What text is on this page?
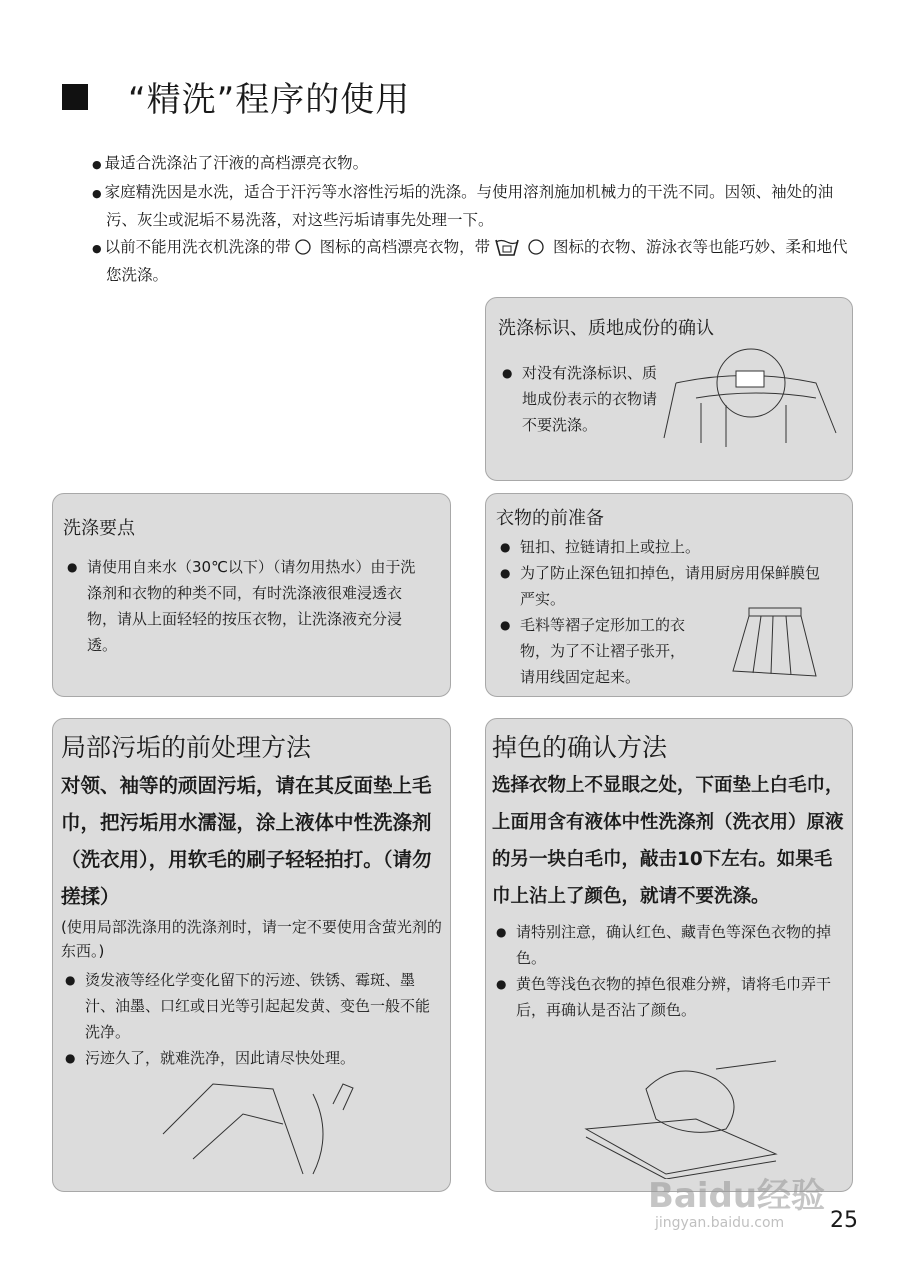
“精洗”程序的使用

● 最适合洗涤沾了汗液的高档漂亮衣物。

● 家庭精洗因是水洗，适合于汗污等水溶性污垢的洗涤。与使用溶剂施加机械力的干洗不同。因领、袖处的油污、灰尘或泥垢不易洗落，对这些污垢请事先处理一下。

● 以前不能用洗衣机洗涤的带 图标的高档漂亮衣物，带	图标的衣物、游泳衣等也能巧妙、柔和地代您洗涤。

洗涤标识、质地成份的确认
● 对没有洗涤标识、质地成份表示的衣物请不要洗涤。
洗涤要点
● 请使用自来水（30℃以下）（请勿用热水）由于洗涤剂和衣物的种类不同，有时洗涤液很难浸透衣物，请从上面轻轻的按压衣物，让洗涤液充分浸透。
衣物的前准备
● 钮扣、拉链请扣上或拉上。
● 为了防止深色钮扣掉色，请用厨房用保鲜膜包严实。
● 毛料等褶子定形加工的衣物，为了不让褶子张开，请用线固定起来。
局部污垢的前处理方法
对领、袖等的顽固污垢，请在其反面垫上毛巾，把污垢用水濡湿，涂上液体中性洗涤剂（洗衣用），用软毛的刷子轻轻拍打。（请勿搓揉）
(使用局部洗涤用的洗涤剂时，请一定不要使用含萤光剂的东西。)
● 烫发液等经化学变化留下的污迹、铁锈、霉斑、墨汁、油墨、口红或日光等引起起发黄、变色一般不能洗净。
● 污迹久了，就难洗净，因此请尽快处理。
掉色的确认方法
选择衣物上不显眼之处，下面垫上白毛巾，上面用含有液体中性洗涤剂（洗衣用）原液的另一块白毛巾，敲击10下左右。如果毛巾上沾上了颜色，就请不要洗涤。
● 请特别注意，确认红色、藏青色等深色衣物的掉色。
● 黄色等浅色衣物的掉色很难分辨，请将毛巾弄干后，再确认是否沾了颜色。
Baidu经验
jingyan.baidu.com 25
